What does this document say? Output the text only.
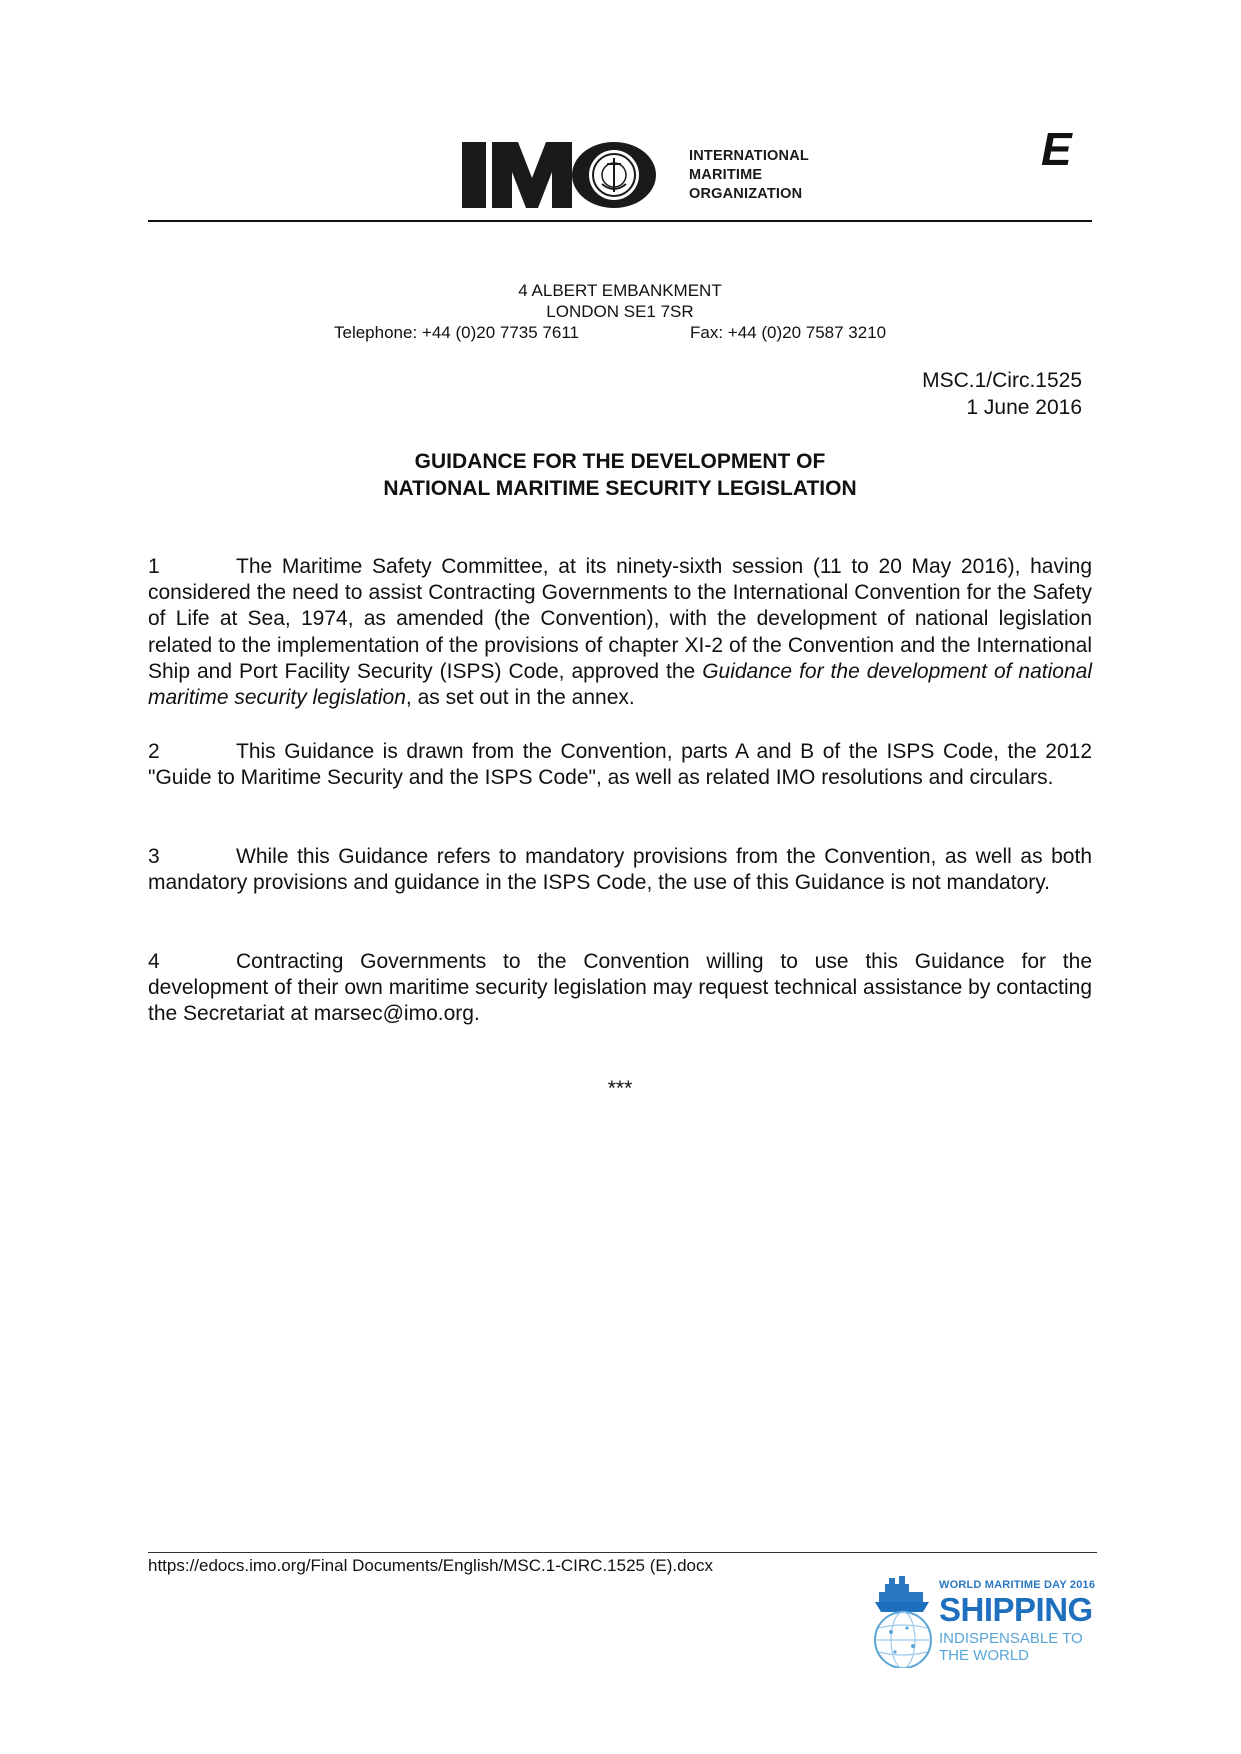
INTERNATIONAL
MARITIME
ORGANIZATION
E
4 ALBERT EMBANKMENT
LONDON SE1 7SR
Telephone: +44 (0)20 7735 7611	Fax: +44 (0)20 7587 3210
MSC.1/Circ.1525
1 June 2016
GUIDANCE FOR THE DEVELOPMENT OF
NATIONAL MARITIME SECURITY LEGISLATION
1	The Maritime Safety Committee, at its ninety-sixth session (11 to 20 May 2016), having considered the need to assist Contracting Governments to the International Convention for the Safety of Life at Sea, 1974, as amended (the Convention), with the development of national legislation related to the implementation of the provisions of chapter XI-2 of the Convention and the International Ship and Port Facility Security (ISPS) Code, approved the Guidance for the development of national maritime security legislation, as set out in the annex.
2	This Guidance is drawn from the Convention, parts A and B of the ISPS Code, the 2012 "Guide to Maritime Security and the ISPS Code", as well as related IMO resolutions and circulars.
3	While this Guidance refers to mandatory provisions from the Convention, as well as both mandatory provisions and guidance in the ISPS Code, the use of this Guidance is not mandatory.
4	Contracting Governments to the Convention willing to use this Guidance for the development of their own maritime security legislation may request technical assistance by contacting the Secretariat at marsec@imo.org.
***
https://edocs.imo.org/Final Documents/English/MSC.1-CIRC.1525 (E).docx
WORLD MARITIME DAY 2016
SHIPPING
INDISPENSABLE TO
THE WORLD
